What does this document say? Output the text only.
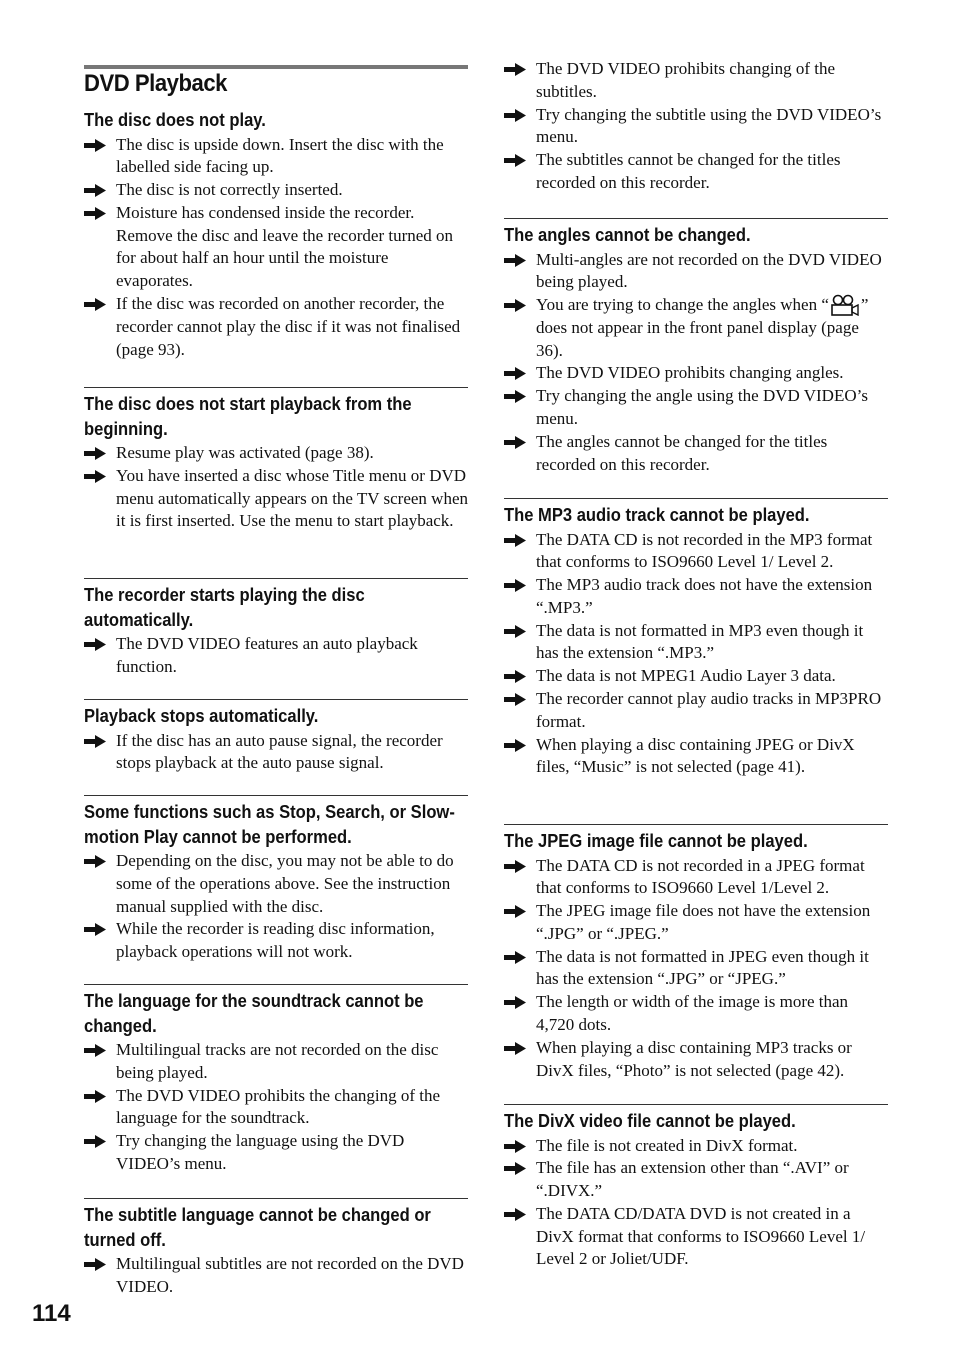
DVD Playback
The disc does not play.
The disc is upside down. Insert the disc with the labelled side facing up.
The disc is not correctly inserted.
Moisture has condensed inside the recorder. Remove the disc and leave the recorder turned on for about half an hour until the moisture evaporates.
If the disc was recorded on another recorder, the recorder cannot play the disc if it was not finalised (page 93).
The disc does not start playback from the beginning.
Resume play was activated (page 38).
You have inserted a disc whose Title menu or DVD menu automatically appears on the TV screen when it is first inserted. Use the menu to start playback.
The recorder starts playing the disc automatically.
The DVD VIDEO features an auto playback function.
Playback stops automatically.
If the disc has an auto pause signal, the recorder stops playback at the auto pause signal.
Some functions such as Stop, Search, or Slow-motion Play cannot be performed.
Depending on the disc, you may not be able to do some of the operations above. See the instruction manual supplied with the disc.
While the recorder is reading disc information, playback operations will not work.
The language for the soundtrack cannot be changed.
Multilingual tracks are not recorded on the disc being played.
The DVD VIDEO prohibits the changing of the language for the soundtrack.
Try changing the language using the DVD VIDEO’s menu.
The subtitle language cannot be changed or turned off.
Multilingual subtitles are not recorded on the DVD VIDEO.
The DVD VIDEO prohibits changing of the subtitles.
Try changing the subtitle using the DVD VIDEO’s menu.
The subtitles cannot be changed for the titles recorded on this recorder.
The angles cannot be changed.
Multi-angles are not recorded on the DVD VIDEO being played.
You are trying to change the angles when “ ” does not appear in the front panel display (page 36).
The DVD VIDEO prohibits changing angles.
Try changing the angle using the DVD VIDEO’s menu.
The angles cannot be changed for the titles recorded on this recorder.
The MP3 audio track cannot be played.
The DATA CD is not recorded in the MP3 format that conforms to ISO9660 Level 1/ Level 2.
The MP3 audio track does not have the extension “.MP3.”
The data is not formatted in MP3 even though it has the extension “.MP3.”
The data is not MPEG1 Audio Layer 3 data.
The recorder cannot play audio tracks in MP3PRO format.
When playing a disc containing JPEG or DivX files, “Music” is not selected (page 41).
The JPEG image file cannot be played.
The DATA CD is not recorded in a JPEG format that conforms to ISO9660 Level 1/Level 2.
The JPEG image file does not have the extension “.JPG” or “.JPEG.”
The data is not formatted in JPEG even though it has the extension “.JPG” or “JPEG.”
The length or width of the image is more than 4,720 dots.
When playing a disc containing MP3 tracks or DivX files, “Photo” is not selected (page 42).
The DivX video file cannot be played.
The file is not created in DivX format.
The file has an extension other than “.AVI” or “.DIVX.”
The DATA CD/DATA DVD is not created in a DivX format that conforms to ISO9660 Level 1/ Level 2 or Joliet/UDF.

114
